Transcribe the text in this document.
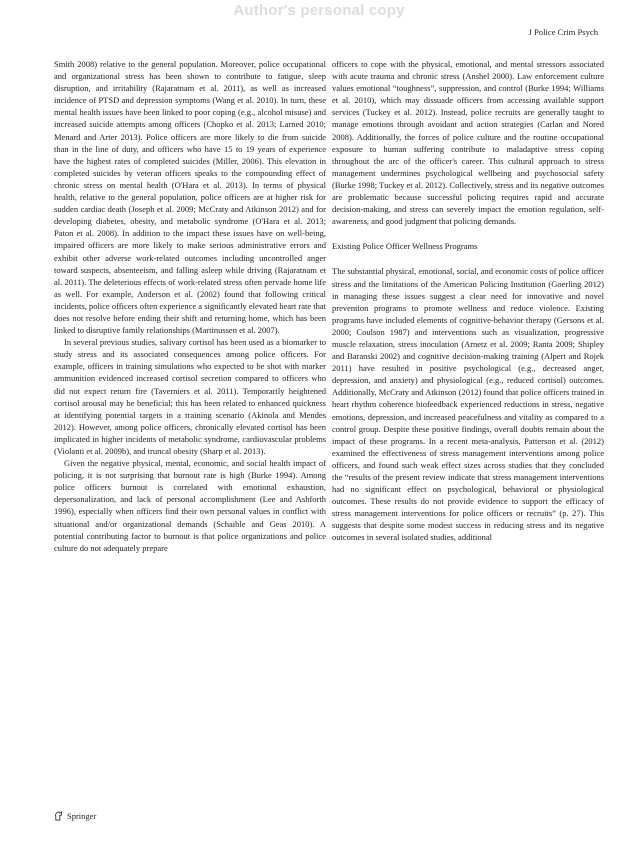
Author's personal copy
J Police Crim Psych

Smith 2008) relative to the general population. Moreover, police occupational and organizational stress has been shown to contribute to fatigue, sleep disruption, and irritability (Rajaratnam et al. 2011), as well as increased incidence of PTSD and depression symptoms (Wang et al. 2010). In turn, these mental health issues have been linked to poor coping (e.g., alcohol misuse) and increased suicide attempts among officers (Chopko et al. 2013; Larned 2010; Menard and Arter 2013). Police officers are more likely to die from suicide than in the line of duty, and officers who have 15 to 19 years of experience have the highest rates of completed suicides (Miller, 2006). This elevation in completed suicides by veteran officers speaks to the compounding effect of chronic stress on mental health (O'Hara et al. 2013). In terms of physical health, relative to the general population, police officers are at higher risk for sudden cardiac death (Joseph et al. 2009; McCraty and Atkinson 2012) and for developing diabetes, obesity, and metabolic syndrome (O'Hara et al. 2013; Paton et al. 2008). In addition to the impact these issues have on well-being, impaired officers are more likely to make serious administrative errors and exhibit other adverse work-related outcomes including uncontrolled anger toward suspects, absenteeism, and falling asleep while driving (Rajaratnam et al. 2011). The deleterious effects of work-related stress often pervade home life as well. For example, Anderson et al. (2002) found that following critical incidents, police officers often experience a significantly elevated heart rate that does not resolve before ending their shift and returning home, which has been linked to disruptive family relationships (Martinussen et al. 2007).

In several previous studies, salivary cortisol has been used as a biomarker to study stress and its associated consequences among police officers. For example, officers in training simulations who expected to be shot with marker ammunition evidenced increased cortisol secretion compared to officers who did not expect return fire (Taverniers et al. 2011). Temporarily heightened cortisol arousal may be beneficial; this has been related to enhanced quickness at identifying potential targets in a training scenario (Akinola and Mendes 2012). However, among police officers, chronically elevated cortisol has been implicated in higher incidents of metabolic syndrome, cardiovascular problems (Violanti et al. 2009b), and truncal obesity (Sharp et al. 2013).

Given the negative physical, mental, economic, and social health impact of policing, it is not surprising that burnout rate is high (Burke 1994). Among police officers burnout is correlated with emotional exhaustion, depersonalization, and lack of personal accomplishment (Lee and Ashforth 1996), especially when officers find their own personal values in conflict with situational and/or organizational demands (Schaible and Geas 2010). A potential contributing factor to burnout is that police organizations and police culture do not adequately prepare

officers to cope with the physical, emotional, and mental stressors associated with acute trauma and chronic stress (Anshel 2000). Law enforcement culture values emotional “toughness”, suppression, and control (Burke 1994; Williams et al. 2010), which may dissuade officers from accessing available support services (Tuckey et al. 2012). Instead, police recruits are generally taught to manage emotions through avoidant and action strategies (Carlan and Nored 2008). Additionally, the forces of police culture and the routine occupational exposure to human suffering contribute to maladaptive stress coping throughout the arc of the officer's career. This cultural approach to stress management undermines psychological wellbeing and psychosocial safety (Burke 1998; Tuckey et al. 2012). Collectively, stress and its negative outcomes are problematic because successful policing requires rapid and accurate decision-making, and stress can severely impact the emotion regulation, self-awareness, and good judgment that policing demands.

Existing Police Officer Wellness Programs

The substantial physical, emotional, social, and economic costs of police officer stress and the limitations of the American Policing Institution (Goerling 2012) in managing these issues suggest a clear need for innovative and novel prevention programs to promote wellness and reduce violence. Existing programs have included elements of cognitive-behavior therapy (Gersons et al. 2000; Coulson 1987) and interventions such as visualization, progressive muscle relaxation, stress inoculation (Arnetz et al. 2009; Ranta 2009; Shipley and Baranski 2002) and cognitive decision-making training (Alpert and Rojek 2011) have resulted in positive psychological (e.g., decreased anger, depression, and anxiety) and physiological (e.g., reduced cortisol) outcomes. Additionally, McCraty and Atkinson (2012) found that police officers trained in heart rhythm coherence biofeedback experienced reductions in stress, negative emotions, depression, and increased peacefulness and vitality as compared to a control group. Despite these positive findings, overall doubts remain about the impact of these programs. In a recent meta-analysis, Patterson et al. (2012) examined the effectiveness of stress management interventions among police officers, and found such weak effect sizes across studies that they concluded the “results of the present review indicate that stress management interventions had no significant effect on psychological, behavioral or physiological outcomes. These results do not provide evidence to support the efficacy of stress management interventions for police officers or recruits” (p. 27). This suggests that despite some modest success in reducing stress and its negative outcomes in several isolated studies, additional

Springer
